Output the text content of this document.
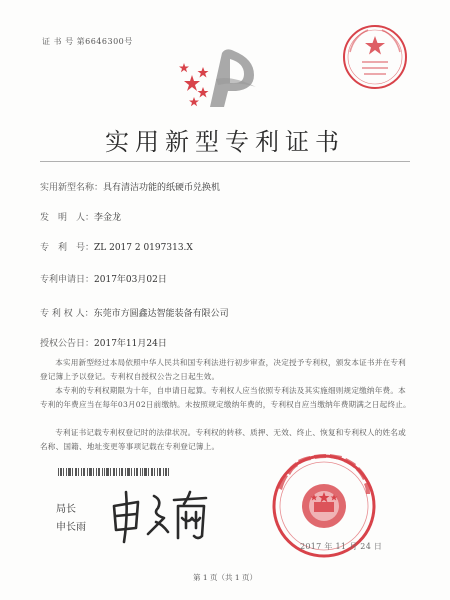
证 书 号 第6646300号
实用新型专利证书
实用新型名称：具有清洁功能的纸硬币兑换机
发　明　人：李金龙
专　利　号：ZL 2017 2 0197313.X
专利申请日：2017年03月02日
专 利 权 人：东莞市方圆鑫达智能装备有限公司
授权公告日：2017年11月24日
本实用新型经过本局依照中华人民共和国专利法进行初步审查，决定授予专利权，颁发本证书并在专利登记簿上予以登记。专利权自授权公告之日起生效。
本专利的专利权期限为十年，自申请日起算。专利权人应当依照专利法及其实施细则规定缴纳年费。本专利的年费应当在每年03月02日前缴纳。未按照规定缴纳年费的，专利权自应当缴纳年费期满之日起终止。
专利证书记载专利权登记时的法律状况。专利权的转移、质押、无效、终止、恢复和专利权人的姓名或名称、国籍、地址变更等事项记载在专利登记簿上。
局长
申长雨
2017 年 11 月 24 日
第 1 页（共 1 页）
